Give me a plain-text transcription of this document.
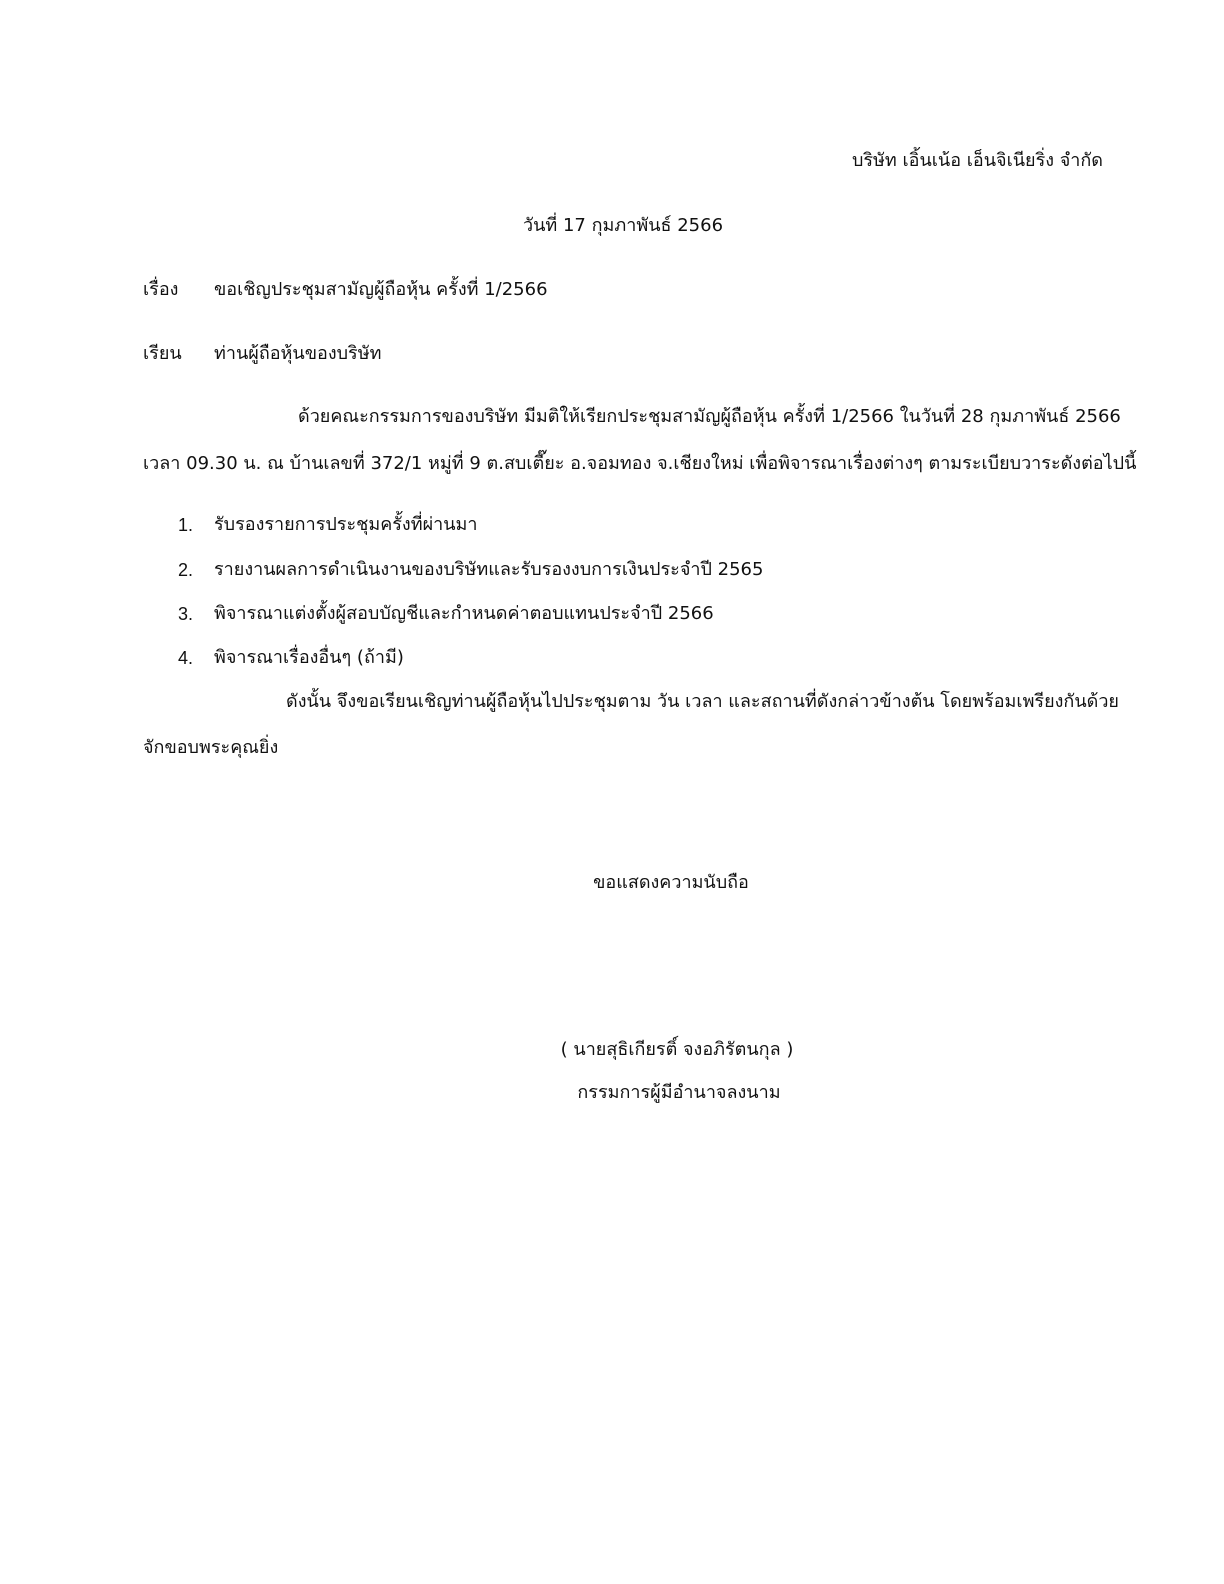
บริษัท เอิ้นเน้อ เอ็นจิเนียริ่ง จำกัด
วันที่ 17 กุมภาพันธ์ 2566
เรื่อง ขอเชิญประชุมสามัญผู้ถือหุ้น ครั้งที่ 1/2566
เรียน ท่านผู้ถือหุ้นของบริษัท
ด้วยคณะกรรมการของบริษัท มีมติให้เรียกประชุมสามัญผู้ถือหุ้น ครั้งที่ 1/2566 ในวันที่ 28 กุมภาพันธ์ 2566
เวลา 09.30 น. ณ บ้านเลขที่ 372/1 หมู่ที่ 9 ต.สบเตี๊ยะ อ.จอมทอง จ.เชียงใหม่ เพื่อพิจารณาเรื่องต่างๆ ตามระเบียบวาระดังต่อไปนี้
1.	รับรองรายการประชุมครั้งที่ผ่านมา
2.	รายงานผลการดำเนินงานของบริษัทและรับรองงบการเงินประจำปี 2565
3.	พิจารณาแต่งตั้งผู้สอบบัญชีและกำหนดค่าตอบแทนประจำปี 2566
4.	พิจารณาเรื่องอื่นๆ (ถ้ามี)
ดังนั้น จึงขอเรียนเชิญท่านผู้ถือหุ้นไปประชุมตาม วัน เวลา และสถานที่ดังกล่าวข้างต้น โดยพร้อมเพรียงกันด้วย
จักขอบพระคุณยิ่ง
ขอแสดงความนับถือ
( นายสุธิเกียรติ์ จงอภิรัตนกุล )
กรรมการผู้มีอำนาจลงนาม
